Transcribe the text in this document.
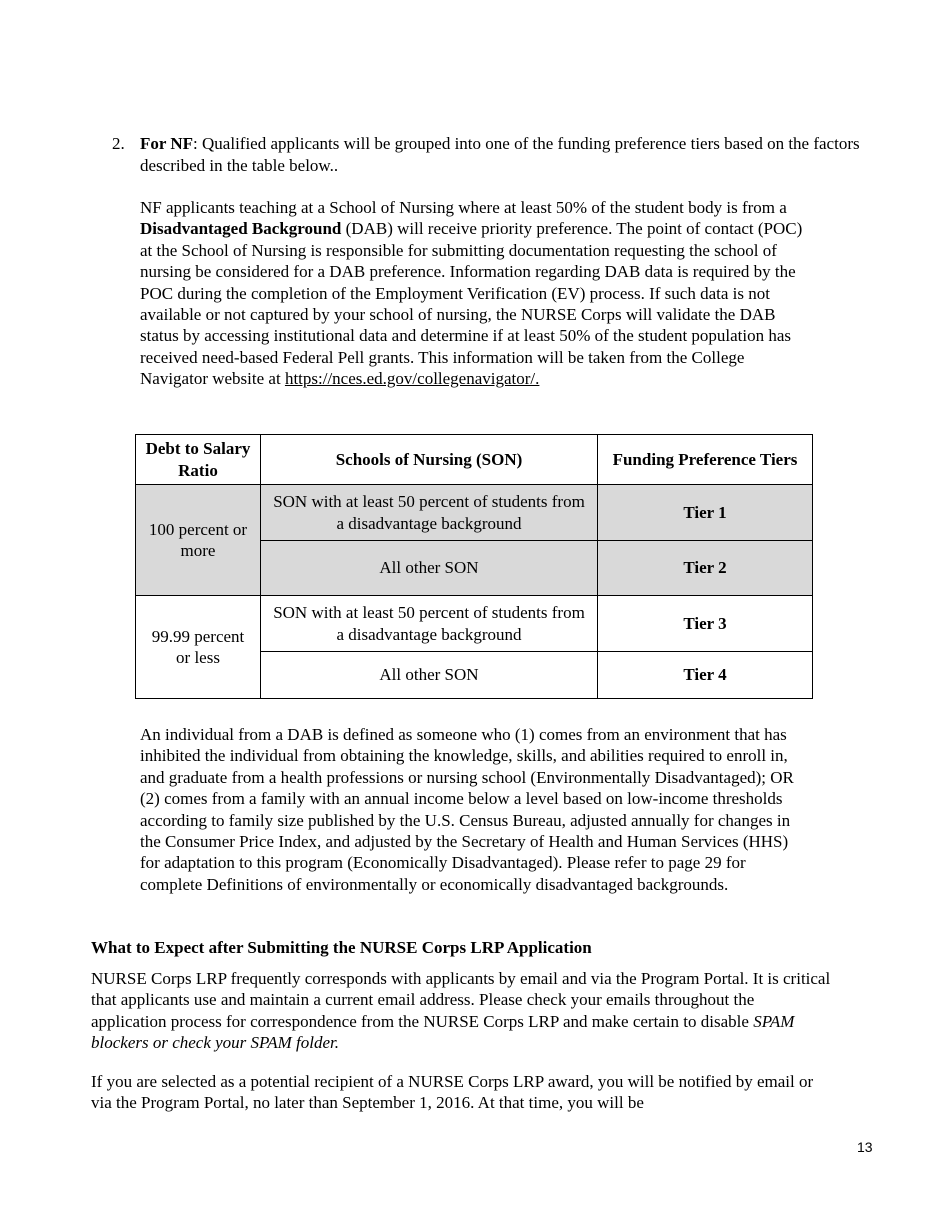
2. For NF: Qualified applicants will be grouped into one of the funding preference tiers based on the factors described in the table below..

NF applicants teaching at a School of Nursing where at least 50% of the student body is from a Disadvantaged Background (DAB) will receive priority preference. The point of contact (POC) at the School of Nursing is responsible for submitting documentation requesting the school of nursing be considered for a DAB preference. Information regarding DAB data is required by the POC during the completion of the Employment Verification (EV) process. If such data is not available or not captured by your school of nursing, the NURSE Corps will validate the DAB status by accessing institutional data and determine if at least 50% of the student population has received need-based Federal Pell grants. This information will be taken from the College Navigator website at https://nces.ed.gov/collegenavigator/.

Debt to Salary Ratio	Schools of Nursing (SON)	Funding Preference Tiers
100 percent or more	SON with at least 50 percent of students from a disadvantage background	Tier 1
	All other SON	Tier 2
99.99 percent or less	SON with at least 50 percent of students from a disadvantage background	Tier 3
	All other SON	Tier 4

An individual from a DAB is defined as someone who (1) comes from an environment that has inhibited the individual from obtaining the knowledge, skills, and abilities required to enroll in, and graduate from a health professions or nursing school (Environmentally Disadvantaged); OR (2) comes from a family with an annual income below a level based on low-income thresholds according to family size published by the U.S. Census Bureau, adjusted annually for changes in the Consumer Price Index, and adjusted by the Secretary of Health and Human Services (HHS) for adaptation to this program (Economically Disadvantaged). Please refer to page 29 for complete Definitions of environmentally or economically disadvantaged backgrounds.

What to Expect after Submitting the NURSE Corps LRP Application

NURSE Corps LRP frequently corresponds with applicants by email and via the Program Portal. It is critical that applicants use and maintain a current email address. Please check your emails throughout the application process for correspondence from the NURSE Corps LRP and make certain to disable SPAM blockers or check your SPAM folder.

If you are selected as a potential recipient of a NURSE Corps LRP award, you will be notified by email or via the Program Portal, no later than September 1, 2016. At that time, you will be

13
